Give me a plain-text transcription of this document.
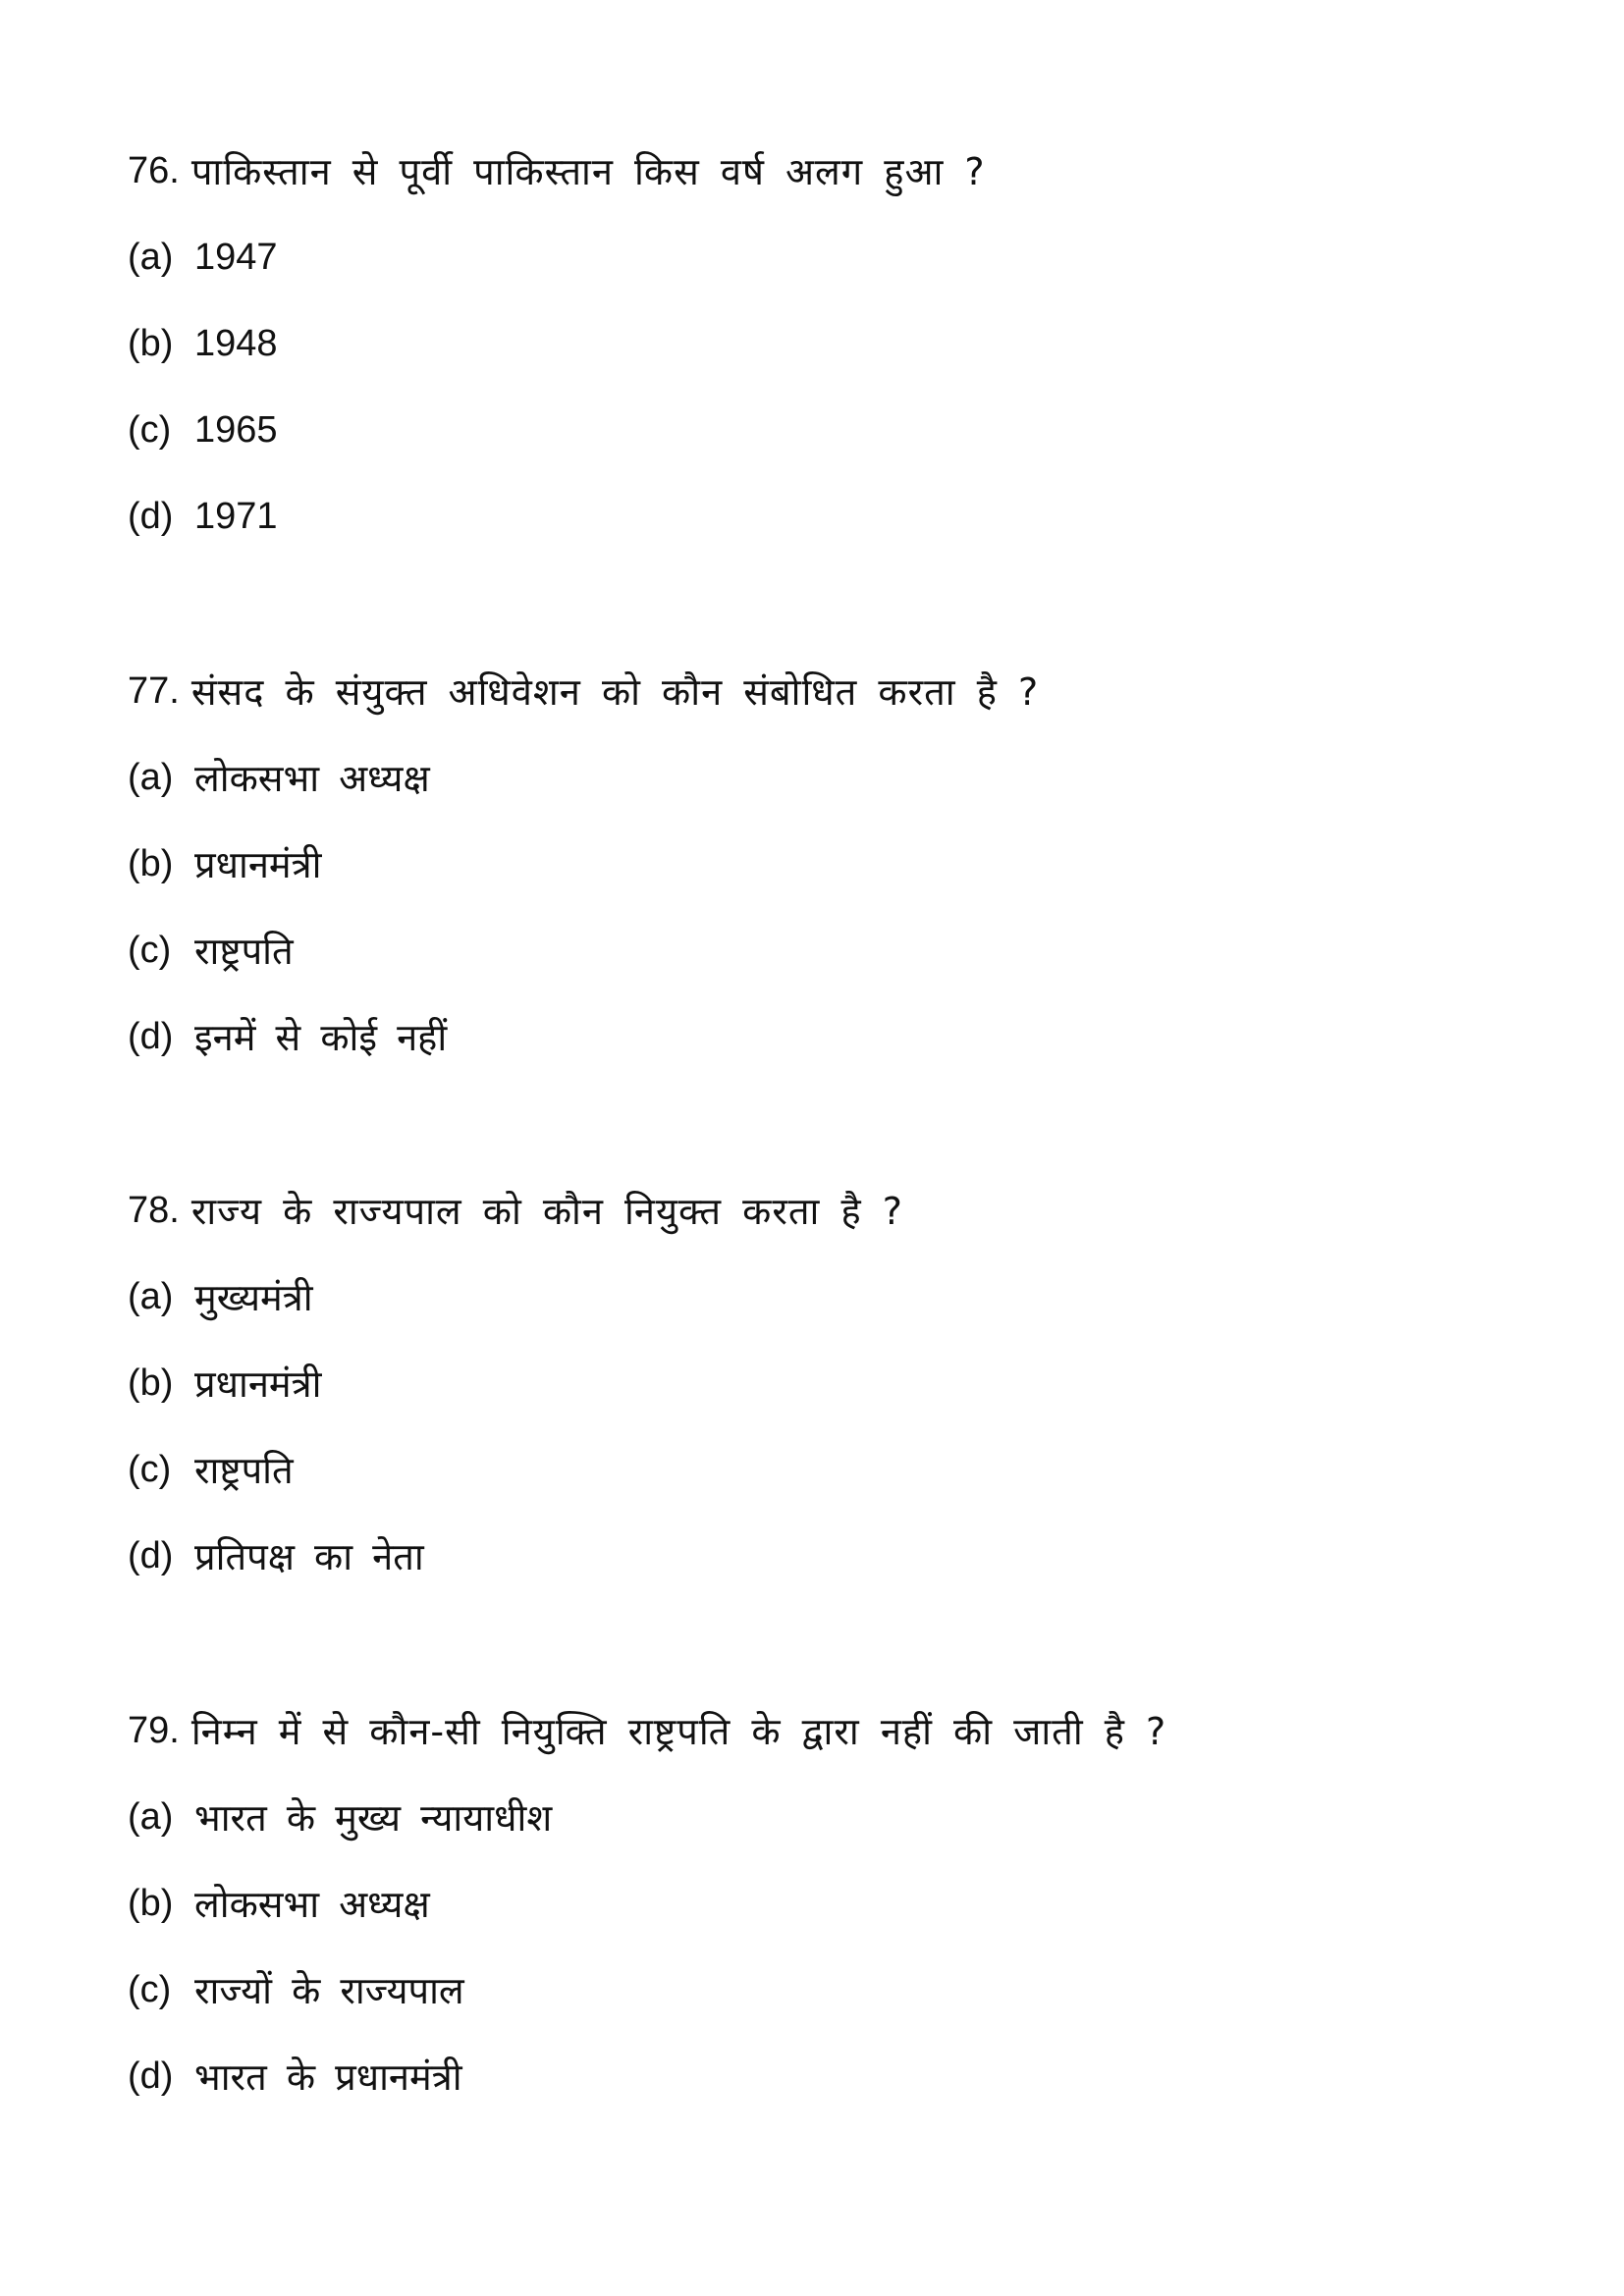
76. पाकिस्तान से पूर्वी पाकिस्तान किस वर्ष अलग हुआ ?
(a) 1947
(b) 1948
(c) 1965
(d) 1971
77. संसद के संयुक्त अधिवेशन को कौन संबोधित करता है ?
(a) लोकसभा अध्यक्ष
(b) प्रधानमंत्री
(c) राष्ट्रपति
(d) इनमें से कोई नहीं
78. राज्य के राज्यपाल को कौन नियुक्त करता है ?
(a) मुख्यमंत्री
(b) प्रधानमंत्री
(c) राष्ट्रपति
(d) प्रतिपक्ष का नेता
79. निम्न में से कौन-सी नियुक्ति राष्ट्रपति के द्वारा नहीं की जाती है ?
(a) भारत के मुख्य न्यायाधीश
(b) लोकसभा अध्यक्ष
(c) राज्यों के राज्यपाल
(d) भारत के प्रधानमंत्री
